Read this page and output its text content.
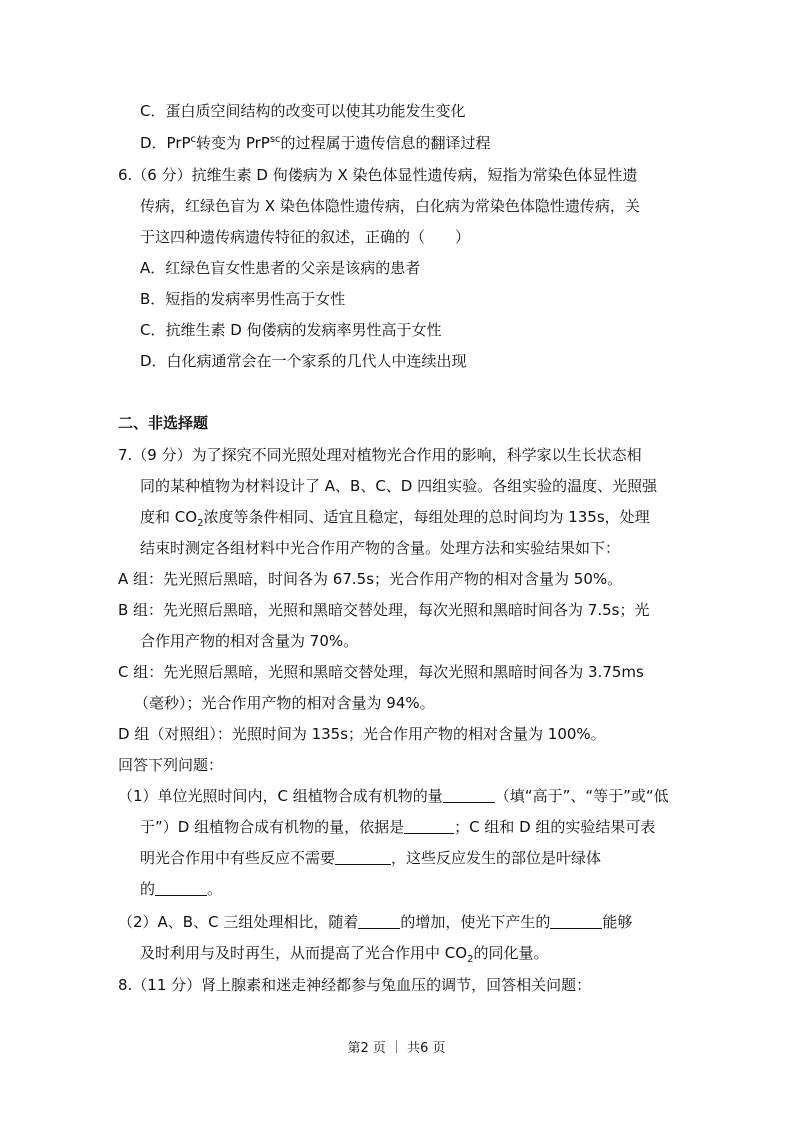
C．蛋白质空间结构的改变可以使其功能发生变化
D．PrP$^c$转变为 PrP$^{sc}$的过程属于遗传信息的翻译过程
6.（6 分）抗维生素 D 佝偻病为 X 染色体显性遗传病，短指为常染色体显性遗
传病，红绿色盲为 X 染色体隐性遗传病，白化病为常染色体隐性遗传病，关
于这四种遗传病遗传特征的叙述，正确的（　　）
A．红绿色盲女性患者的父亲是该病的患者
B．短指的发病率男性高于女性
C．抗维生素 D 佝偻病的发病率男性高于女性
D．白化病通常会在一个家系的几代人中连续出现
二、非选择题
7.（9 分）为了探究不同光照处理对植物光合作用的影响，科学家以生长状态相
同的某种植物为材料设计了 A、B、C、D 四组实验。各组实验的温度、光照强
度和 $CO_2$浓度等条件相同、适宜且稳定，每组处理的总时间均为 135s，处理
结束时测定各组材料中光合作用产物的含量。处理方法和实验结果如下：
A 组：先光照后黑暗，时间各为 67.5s；光合作用产物的相对含量为 50%。
B 组：先光照后黑暗，光照和黑暗交替处理，每次光照和黑暗时间各为 7.5s；光
合作用产物的相对含量为 70%。
C 组：先光照后黑暗，光照和黑暗交替处理，每次光照和黑暗时间各为 3.75ms
（毫秒）；光合作用产物的相对含量为 94%。
D 组（对照组）：光照时间为 135s；光合作用产物的相对含量为 100%。
回答下列问题：
（1）单位光照时间内，C 组植物合成有机物的量	（填“高于”、“等于”或“低
于”）D 组植物合成有机物的量，依据是	；C 组和 D 组的实验结果可表
明光合作用中有些反应不需要	，这些反应发生的部位是叶绿体
的	。
（2）A、B、C 三组处理相比，随着	的增加，使光下产生的	能够
及时利用与及时再生，从而提高了光合作用中 $CO_2$的同化量。
8.（11 分）肾上腺素和迷走神经都参与兔血压的调节，回答相关问题：
第2 页 ｜ 共6 页
